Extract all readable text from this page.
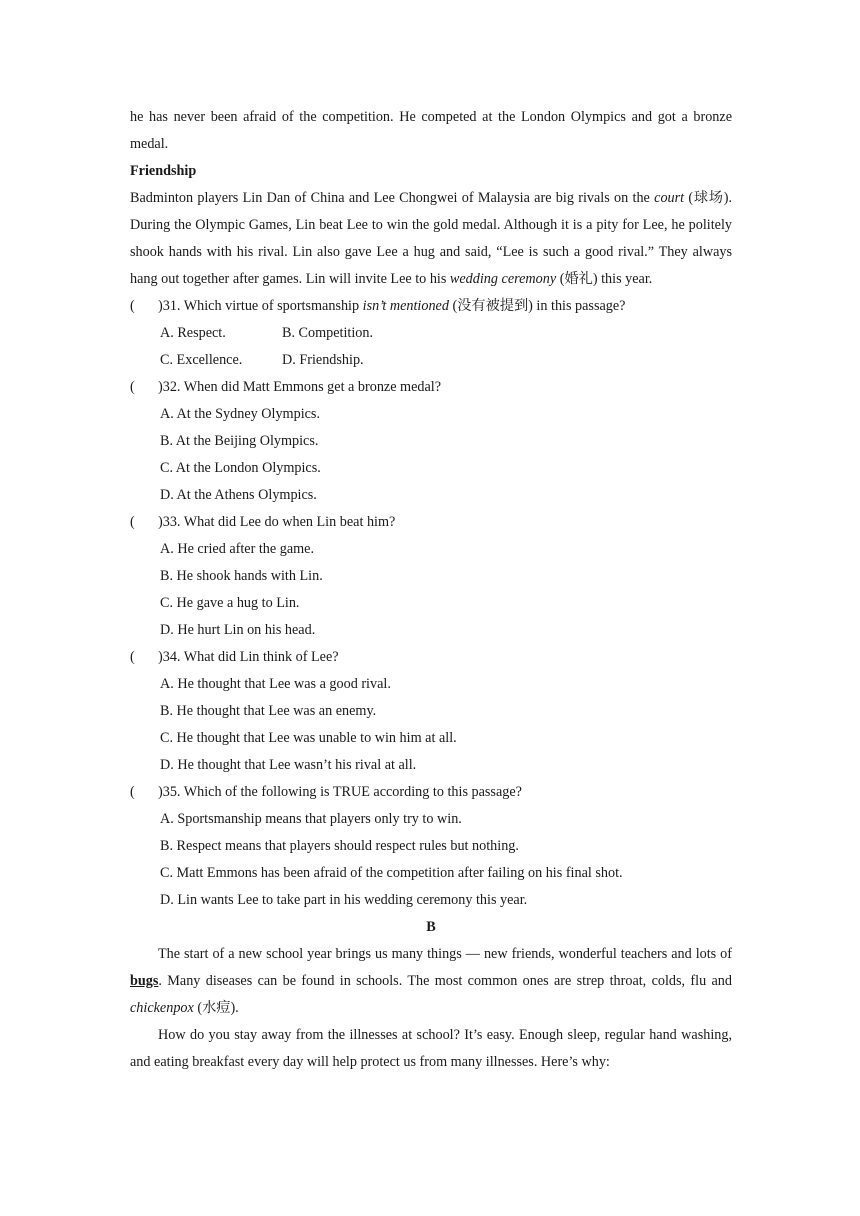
he has never been afraid of the competition. He competed at the London Olympics and got a bronze medal.

Friendship

Badminton players Lin Dan of China and Lee Chongwei of Malaysia are big rivals on the court (球场). During the Olympic Games, Lin beat Lee to win the gold medal. Although it is a pity for Lee, he politely shook hands with his rival. Lin also gave Lee a hug and said, “Lee is such a good rival.” They always hang out together after games. Lin will invite Lee to his wedding ceremony (婚礼) this year.

(	)31. Which virtue of sportsmanship isn’t mentioned (没有被提到) in this passage?
A. Respect.	B. Competition.
C. Excellence.	D. Friendship.
(	)32. When did Matt Emmons get a bronze medal?

A. At the Sydney Olympics.

B. At the Beijing Olympics.

C. At the London Olympics.

D. At the Athens Olympics.

(	)33. What did Lee do when Lin beat him?

A. He cried after the game.

B. He shook hands with Lin.

C. He gave a hug to Lin.

D. He hurt Lin on his head.

(	)34. What did Lin think of Lee?

A. He thought that Lee was a good rival.

B. He thought that Lee was an enemy.

C. He thought that Lee was unable to win him at all.

D. He thought that Lee wasn’t his rival at all.

(	)35. Which of the following is TRUE according to this passage?

A. Sportsmanship means that players only try to win.

B. Respect means that players should respect rules but nothing.

C. Matt Emmons has been afraid of the competition after failing on his final shot.

D. Lin wants Lee to take part in his wedding ceremony this year.

B

The start of a new school year brings us many things — new friends, wonderful teachers and lots of bugs. Many diseases can be found in schools. The most common ones are strep throat, colds, flu and chickenpox (水痘).

How do you stay away from the illnesses at school? It’s easy. Enough sleep, regular hand washing, and eating breakfast every day will help protect us from many illnesses. Here’s why:
